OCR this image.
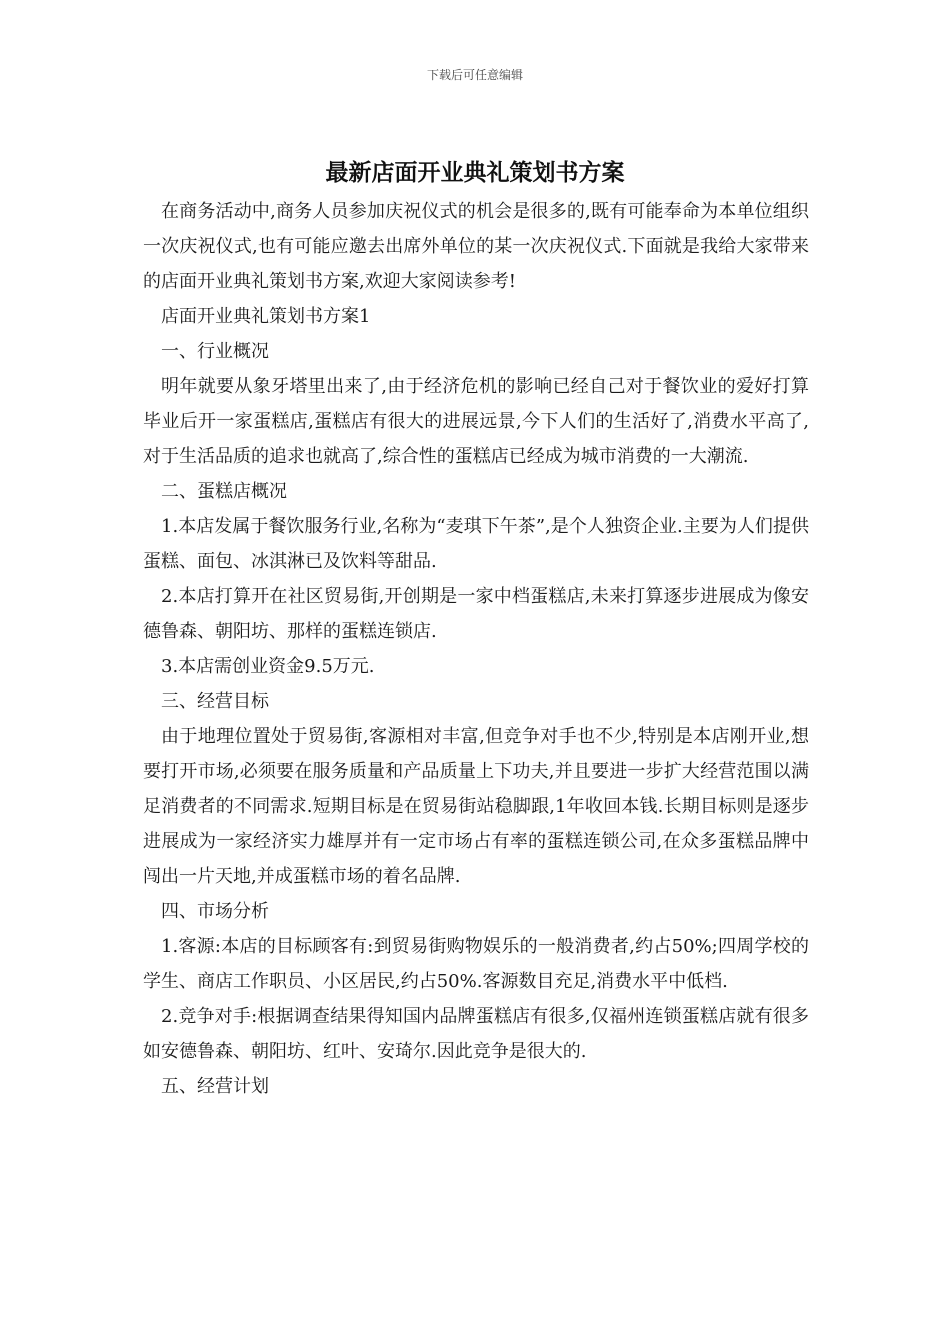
下载后可任意编辑
最新店面开业典礼策划书方案

在商务活动中,商务人员参加庆祝仪式的机会是很多的,既有可能奉命为本单位组织一次庆祝仪式,也有可能应邀去出席外单位的某一次庆祝仪式.下面就是我给大家带来的店面开业典礼策划书方案,欢迎大家阅读参考!

店面开业典礼策划书方案1

一、行业概况

明年就要从象牙塔里出来了,由于经济危机的影响已经自己对于餐饮业的爱好打算毕业后开一家蛋糕店,蛋糕店有很大的进展远景,今下人们的生活好了,消费水平高了,对于生活品质的追求也就高了,综合性的蛋糕店已经成为城市消费的一大潮流.

二、蛋糕店概况

1.本店发属于餐饮服务行业,名称为“麦琪下午茶”,是个人独资企业.主要为人们提供蛋糕、面包、冰淇淋已及饮料等甜品.

2.本店打算开在社区贸易街,开创期是一家中档蛋糕店,未来打算逐步进展成为像安德鲁森、朝阳坊、那样的蛋糕连锁店.

3.本店需创业资金9.5万元.

三、经营目标

由于地理位置处于贸易街,客源相对丰富,但竞争对手也不少,特别是本店刚开业,想要打开市场,必须要在服务质量和产品质量上下功夫,并且要进一步扩大经营范围以满足消费者的不同需求.短期目标是在贸易街站稳脚跟,1年收回本钱.长期目标则是逐步进展成为一家经济实力雄厚并有一定市场占有率的蛋糕连锁公司,在众多蛋糕品牌中闯出一片天地,并成蛋糕市场的着名品牌.

四、市场分析

1.客源:本店的目标顾客有:到贸易街购物娱乐的一般消费者,约占50%;四周学校的学生、商店工作职员、小区居民,约占50%.客源数目充足,消费水平中低档.

2.竞争对手:根据调查结果得知国内品牌蛋糕店有很多,仅福州连锁蛋糕店就有很多如安德鲁森、朝阳坊、红叶、安琦尔.因此竞争是很大的.

五、经营计划
